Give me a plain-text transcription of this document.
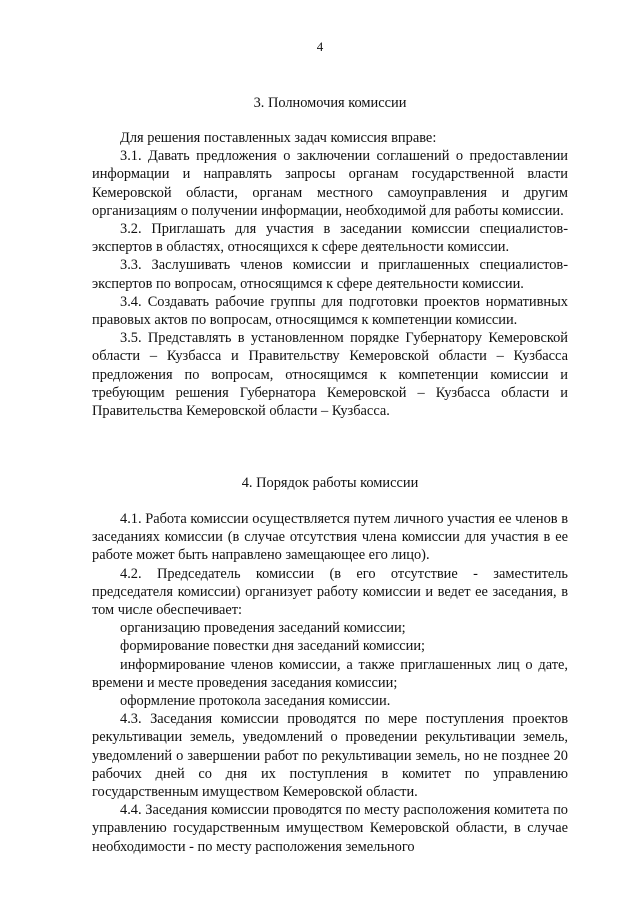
4
3. Полномочия комиссии

Для решения поставленных задач комиссия вправе:

3.1. Давать предложения о заключении соглашений о предоставлении информации и направлять запросы органам государственной власти Кемеровской области, органам местного самоуправления и другим организациям о получении информации, необходимой для работы комиссии.

3.2. Приглашать для участия в заседании комиссии специалистов-экспертов в областях, относящихся к сфере деятельности комиссии.

3.3. Заслушивать членов комиссии и приглашенных специалистов-экспертов по вопросам, относящимся к сфере деятельности комиссии.

3.4. Создавать рабочие группы для подготовки проектов нормативных правовых актов по вопросам, относящимся к компетенции комиссии.

3.5. Представлять в установленном порядке Губернатору Кемеровской области – Кузбасса и Правительству Кемеровской области – Кузбасса предложения по вопросам, относящимся к компетенции комиссии и требующим решения Губернатора Кемеровской – Кузбасса области и Правительства Кемеровской области – Кузбасса.

4. Порядок работы комиссии

4.1. Работа комиссии осуществляется путем личного участия ее членов в заседаниях комиссии (в случае отсутствия члена комиссии для участия в ее работе может быть направлено замещающее его лицо).

4.2. Председатель комиссии (в его отсутствие - заместитель председателя комиссии) организует работу комиссии и ведет ее заседания, в том числе обеспечивает:

организацию проведения заседаний комиссии;

формирование повестки дня заседаний комиссии;

информирование членов комиссии, а также приглашенных лиц о дате, времени и месте проведения заседания комиссии;

оформление протокола заседания комиссии.

4.3. Заседания комиссии проводятся по мере поступления проектов рекультивации земель, уведомлений о проведении рекультивации земель, уведомлений о завершении работ по рекультивации земель, но не позднее 20 рабочих дней со дня их поступления в комитет по управлению государственным имуществом Кемеровской области.

4.4. Заседания комиссии проводятся по месту расположения комитета по управлению государственным имуществом Кемеровской области, в случае необходимости - по месту расположения земельного
